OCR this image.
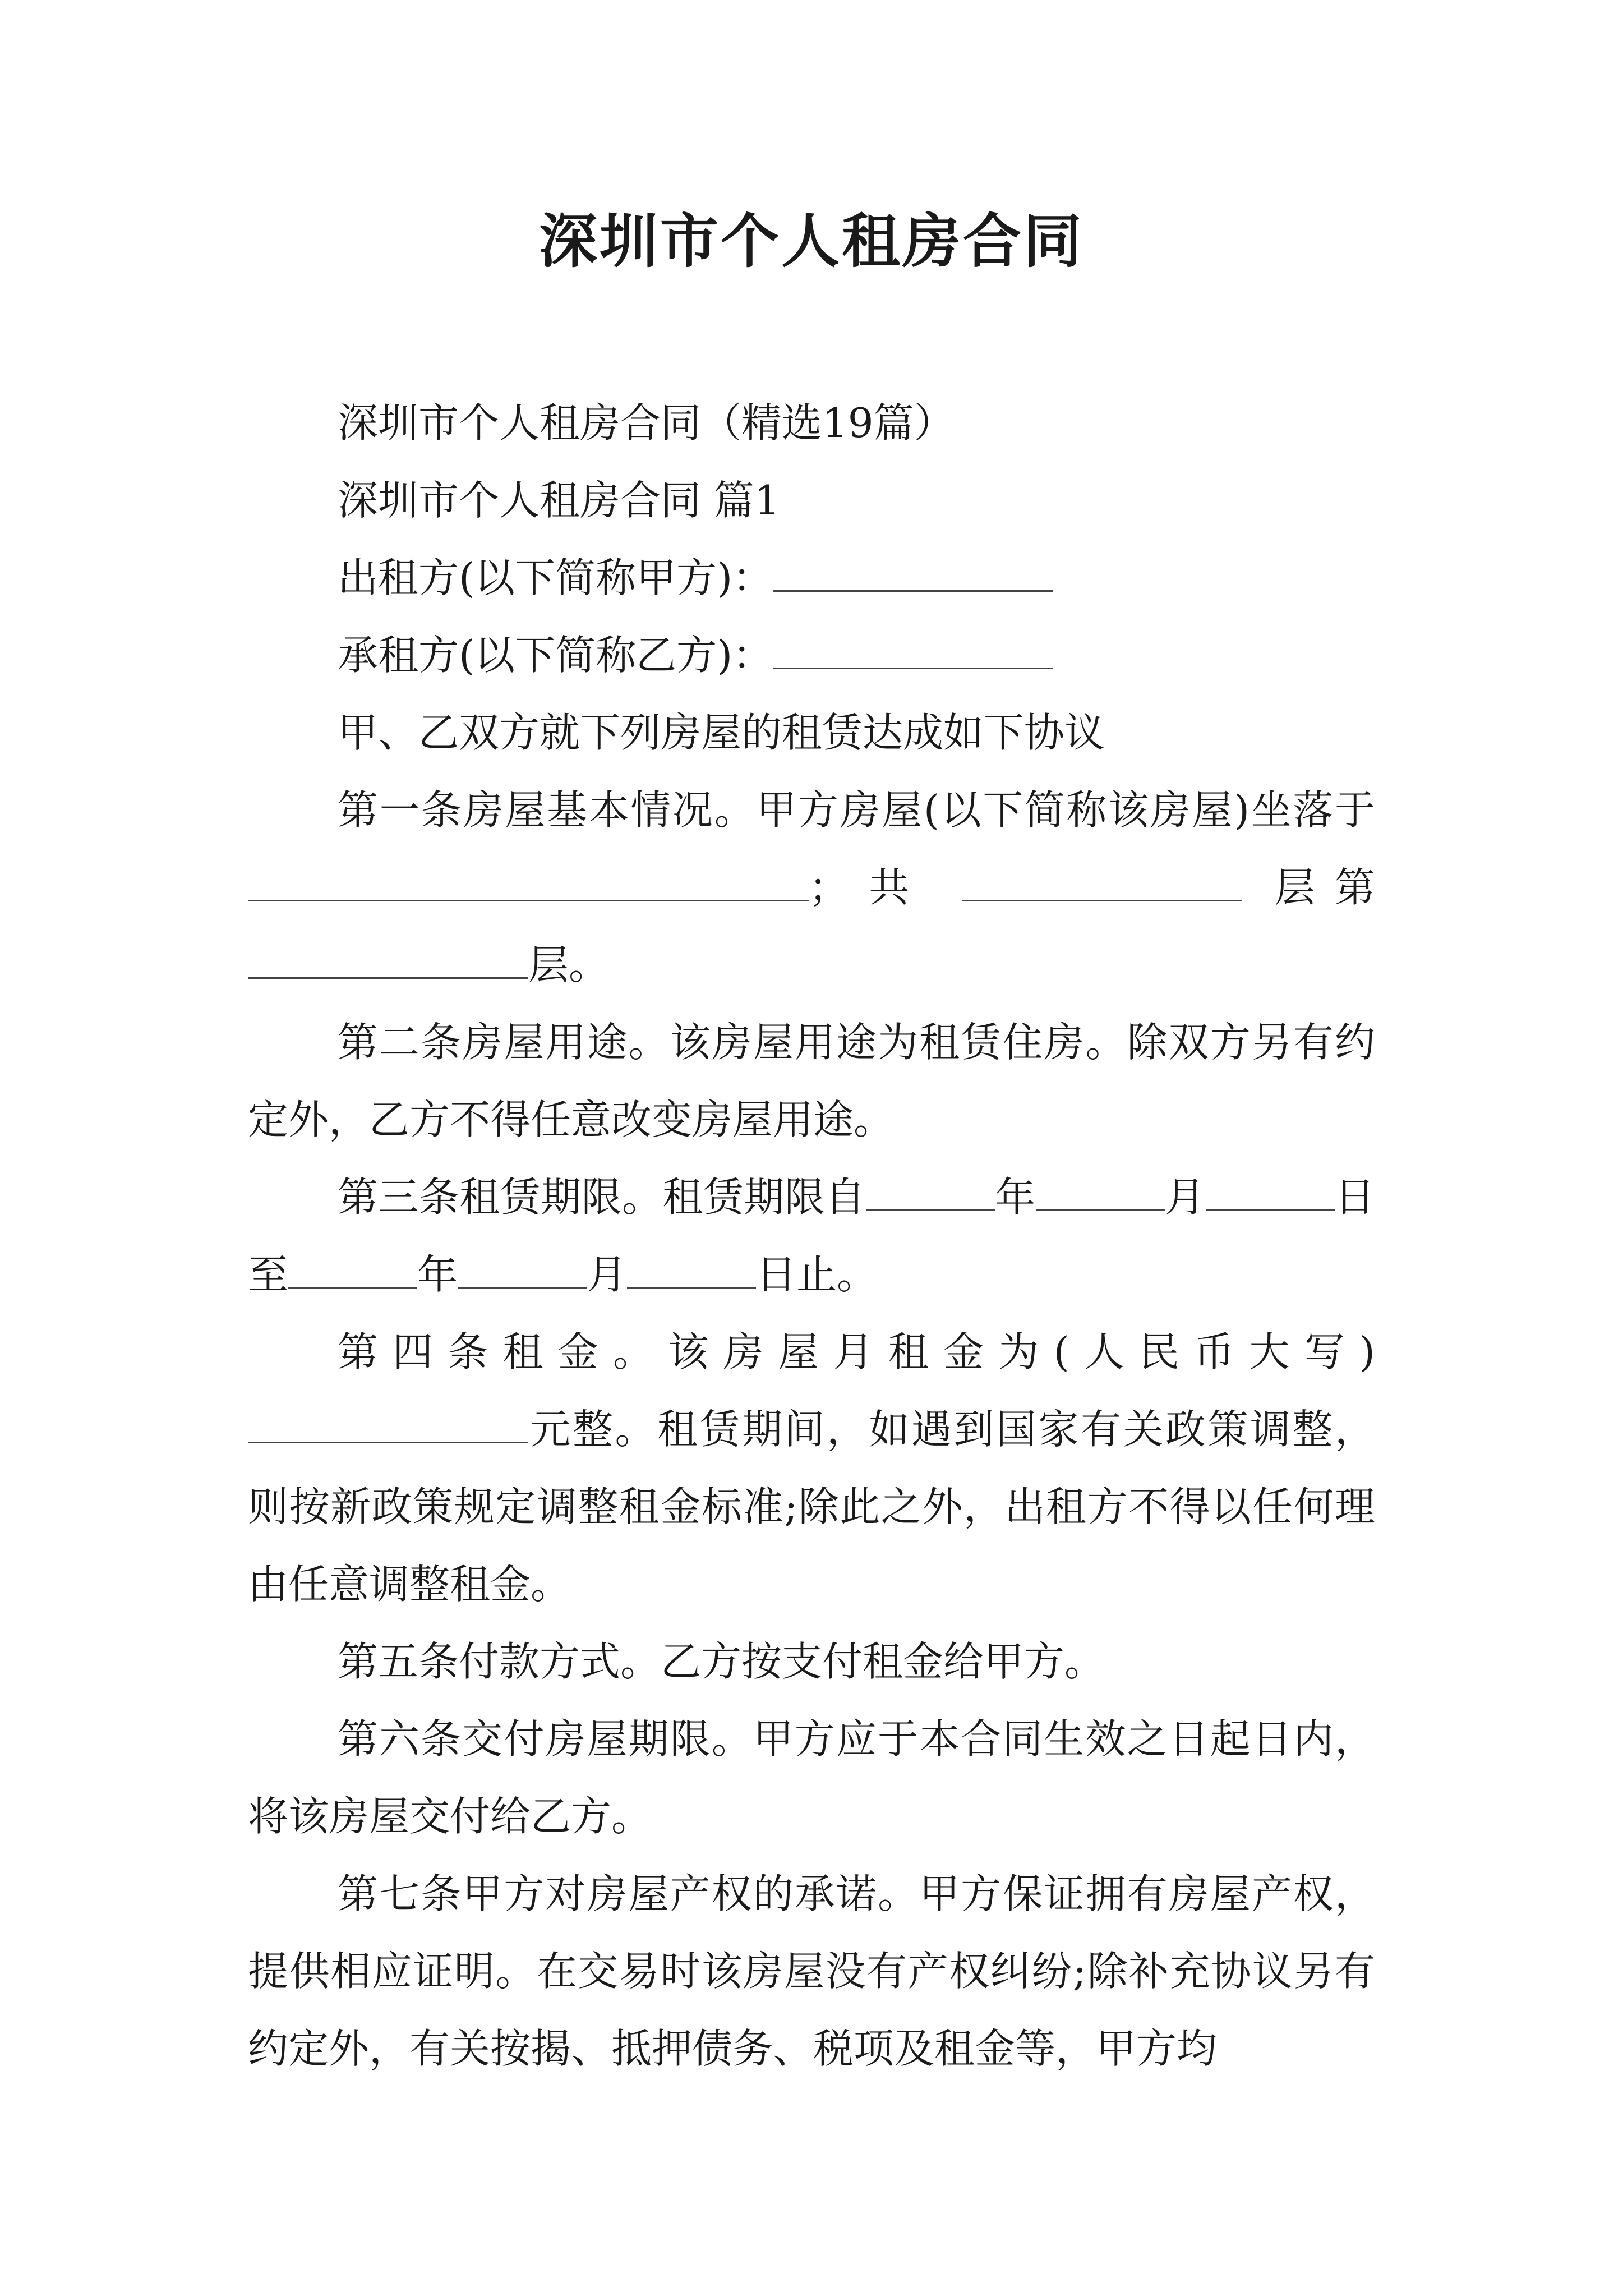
深圳市个人租房合同

深圳市个人租房合同（精选19篇）

深圳市个人租房合同 篇1

出租方(以下简称甲方)：

承租方(以下简称乙方)：

甲、乙双方就下列房屋的租赁达成如下协议

第一条房屋基本情况。甲方房屋(以下简称该房屋)坐落于 ；共	层第 层。

第二条房屋用途。该房屋用途为租赁住房。除双方另有约定外，乙方不得任意改变房屋用途。

第三条租赁期限。租赁期限自	年	月	日至	年	月	日止。

第四条租金。该房屋月租金为(人民币大写)元整。租赁期间，如遇到国家有关政策调整，则按新政策规定调整租金标准;除此之外，出租方不得以任何理由任意调整租金。

第五条付款方式。乙方按支付租金给甲方。

第六条交付房屋期限。甲方应于本合同生效之日起日内，将该房屋交付给乙方。

第七条甲方对房屋产权的承诺。甲方保证拥有房屋产权，提供相应证明。在交易时该房屋没有产权纠纷;除补充协议另有约定外，有关按揭、抵押债务、税项及租金等，甲方均
